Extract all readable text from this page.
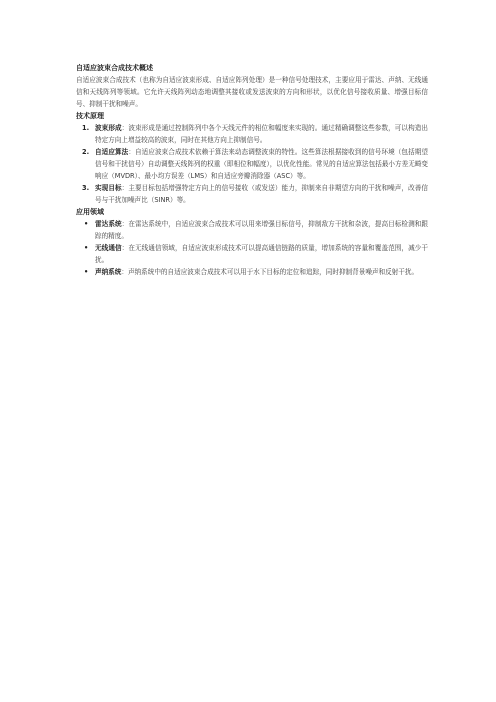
自适应波束合成技术概述

自适应波束合成技术（也称为自适应波束形成、自适应阵列处理）是一种信号处理技术，主要应用于雷达、声纳、无线通信和天线阵列等领域。它允许天线阵列动态地调整其接收或发送波束的方向和形状，以优化信号接收质量、增强目标信号、抑制干扰和噪声。

技术原理
1. 波束形成：波束形成是通过控制阵列中各个天线元件的相位和幅度来实现的。通过精确调整这些参数，可以构造出特定方向上增益较高的波束，同时在其他方向上抑制信号。
2. 自适应算法：自适应波束合成技术依赖于算法来动态调整波束的特性。这些算法根据接收到的信号环境（包括期望信号和干扰信号）自动调整天线阵列的权重（即相位和幅度），以优化性能。常见的自适应算法包括最小方差无畸变响应（MVDR）、最小均方误差（LMS）和自适应旁瓣消除器（ASC）等。
3. 实现目标：主要目标包括增强特定方向上的信号接收（或发送）能力，抑制来自非期望方向的干扰和噪声，改善信号与干扰加噪声比（SINR）等。
应用领域
• 雷达系统：在雷达系统中，自适应波束合成技术可以用来增强目标信号，抑制敌方干扰和杂波，提高目标检测和跟踪的精度。
• 无线通信：在无线通信领域，自适应波束形成技术可以提高通信链路的质量，增加系统的容量和覆盖范围，减少干扰。
• 声纳系统：声纳系统中的自适应波束合成技术可以用于水下目标的定位和追踪，同时抑制背景噪声和反射干扰。
